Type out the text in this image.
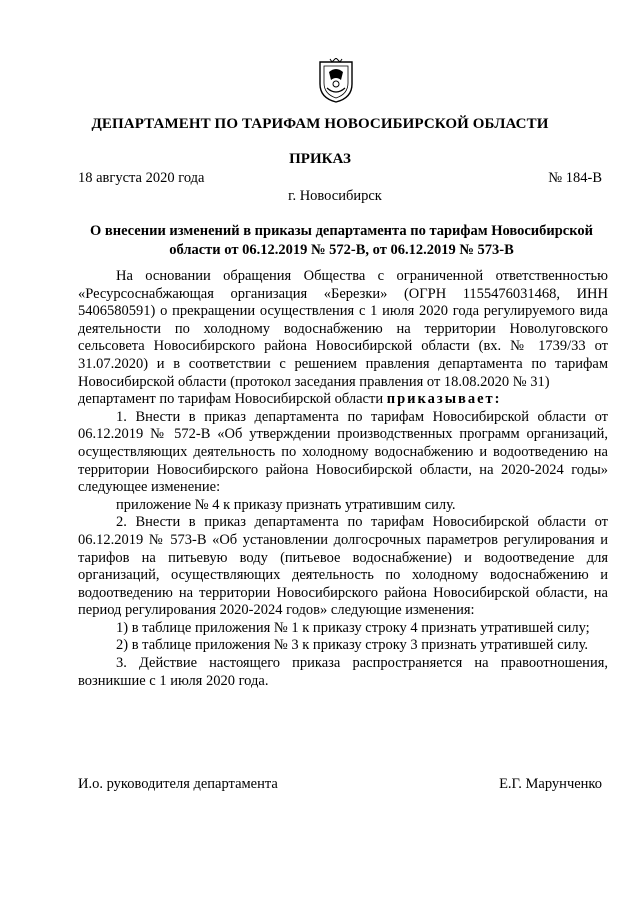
ДЕПАРТАМЕНТ ПО ТАРИФАМ НОВОСИБИРСКОЙ ОБЛАСТИ
ПРИКАЗ
18 августа 2020 года	№ 184-В
г. Новосибирск
О внесении изменений в приказы департамента по тарифам Новосибирской области от 06.12.2019 № 572-В, от 06.12.2019 № 573-В

На основании обращения Общества с ограниченной ответственностью «Ресурсоснабжающая организация «Березки» (ОГРН 1155476031468, ИНН 5406580591) о прекращении осуществления с 1 июля 2020 года регулируемого вида деятельности по холодному водоснабжению на территории Новолуговского сельсовета Новосибирского района Новосибирской области (вх. № 1739/33 от 31.07.2020) и в соответствии с решением правления департамента по тарифам Новосибирской области (протокол заседания правления от 18.08.2020 № 31)

департамент по тарифам Новосибирской области приказывает:

1. Внести в приказ департамента по тарифам Новосибирской области от 06.12.2019 № 572-В «Об утверждении производственных программ организаций, осуществляющих деятельность по холодному водоснабжению и водоотведению на территории Новосибирского района Новосибирской области, на 2020-2024 годы» следующее изменение:

приложение № 4 к приказу признать утратившим силу.

2. Внести в приказ департамента по тарифам Новосибирской области от 06.12.2019 № 573-В «Об установлении долгосрочных параметров регулирования и тарифов на питьевую воду (питьевое водоснабжение) и водоотведение для организаций, осуществляющих деятельность по холодному водоснабжению и водоотведению на территории Новосибирского района Новосибирской области, на период регулирования 2020-2024 годов» следующие изменения:

1) в таблице приложения № 1 к приказу строку 4 признать утратившей силу;

2) в таблице приложения № 3 к приказу строку 3 признать утратившей силу.

3. Действие настоящего приказа распространяется на правоотношения, возникшие с 1 июля 2020 года.

И.о. руководителя департамента	Е.Г. Марунченко
